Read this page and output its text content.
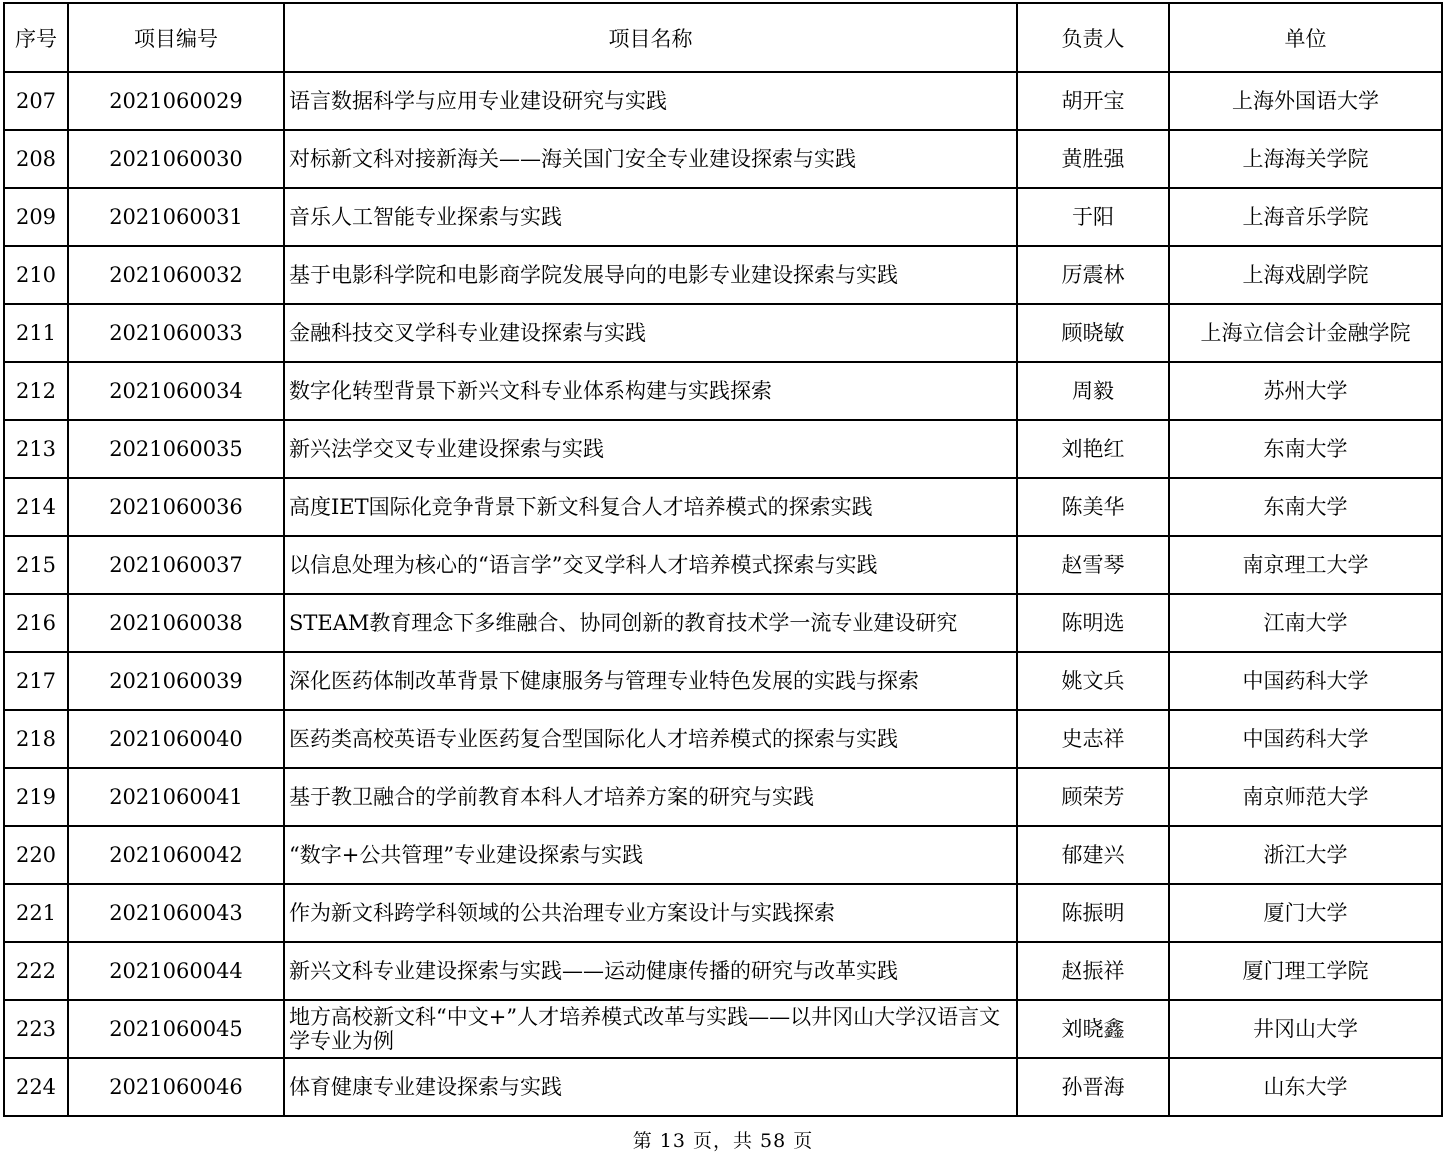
序号	项目编号	项目名称	负责人	单位
207	2021060029	语言数据科学与应用专业建设研究与实践	胡开宝	上海外国语大学
208	2021060030	对标新文科对接新海关——海关国门安全专业建设探索与实践	黄胜强	上海海关学院
209	2021060031	音乐人工智能专业探索与实践	于阳	上海音乐学院
210	2021060032	基于电影科学院和电影商学院发展导向的电影专业建设探索与实践	厉震林	上海戏剧学院
211	2021060033	金融科技交叉学科专业建设探索与实践	顾晓敏	上海立信会计金融学院
212	2021060034	数字化转型背景下新兴文科专业体系构建与实践探索	周毅	苏州大学
213	2021060035	新兴法学交叉专业建设探索与实践	刘艳红	东南大学
214	2021060036	高度IET国际化竞争背景下新文科复合人才培养模式的探索实践	陈美华	东南大学
215	2021060037	以信息处理为核心的“语言学”交叉学科人才培养模式探索与实践	赵雪琴	南京理工大学
216	2021060038	STEAM教育理念下多维融合、协同创新的教育技术学一流专业建设研究	陈明选	江南大学
217	2021060039	深化医药体制改革背景下健康服务与管理专业特色发展的实践与探索	姚文兵	中国药科大学
218	2021060040	医药类高校英语专业医药复合型国际化人才培养模式的探索与实践	史志祥	中国药科大学
219	2021060041	基于教卫融合的学前教育本科人才培养方案的研究与实践	顾荣芳	南京师范大学
220	2021060042	“数字+公共管理”专业建设探索与实践	郁建兴	浙江大学
221	2021060043	作为新文科跨学科领域的公共治理专业方案设计与实践探索	陈振明	厦门大学
222	2021060044	新兴文科专业建设探索与实践——运动健康传播的研究与改革实践	赵振祥	厦门理工学院
223	2021060045	地方高校新文科“中文+”人才培养模式改革与实践——以井冈山大学汉语言文学专业为例	刘晓鑫	井冈山大学
224	2021060046	体育健康专业建设探索与实践	孙晋海	山东大学
第 13 页，共 58 页
